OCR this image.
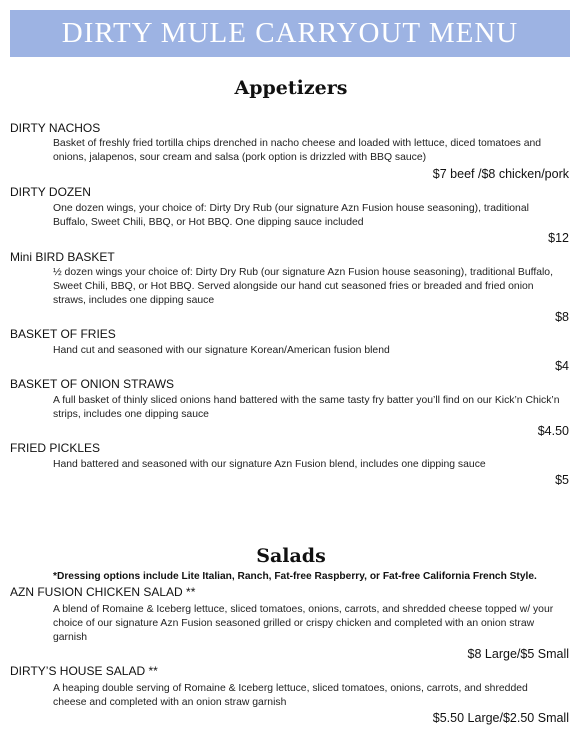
DIRTY MULE CARRYOUT MENU
Appetizers
DIRTY NACHOS
Basket of freshly fried tortilla chips drenched in nacho cheese and loaded with lettuce, diced tomatoes and onions, jalapenos, sour cream and salsa (pork option is drizzled with BBQ sauce)
$7 beef /$8 chicken/pork
DIRTY DOZEN
One dozen wings, your choice of: Dirty Dry Rub (our signature Azn Fusion house seasoning), traditional Buffalo, Sweet Chili, BBQ, or Hot BBQ. One dipping sauce included
$12
Mini BIRD BASKET
½ dozen wings your choice of: Dirty Dry Rub (our signature Azn Fusion house seasoning), traditional Buffalo, Sweet Chili, BBQ, or Hot BBQ. Served alongside our hand cut seasoned fries or breaded and fried onion straws, includes one dipping sauce
$8
BASKET OF FRIES
Hand cut and seasoned with our signature Korean/American fusion blend
$4
BASKET OF ONION STRAWS
A full basket of thinly sliced onions hand battered with the same tasty fry batter you’ll find on our Kick’n Chick’n strips, includes one dipping sauce
$4.50
FRIED PICKLES
Hand battered and seasoned with our signature Azn Fusion blend, includes one dipping sauce
$5
Salads
*Dressing options include Lite Italian, Ranch, Fat-free Raspberry, or Fat-free California French Style.
AZN FUSION CHICKEN SALAD **
A blend of Romaine & Iceberg lettuce, sliced tomatoes, onions, carrots, and shredded cheese topped w/ your choice of our signature Azn Fusion seasoned grilled or crispy chicken and completed with an onion straw garnish
$8 Large/$5 Small
DIRTY’S HOUSE SALAD **
A heaping double serving of Romaine & Iceberg lettuce, sliced tomatoes, onions, carrots, and shredded cheese and completed with an onion straw garnish
$5.50 Large/$2.50 Small
